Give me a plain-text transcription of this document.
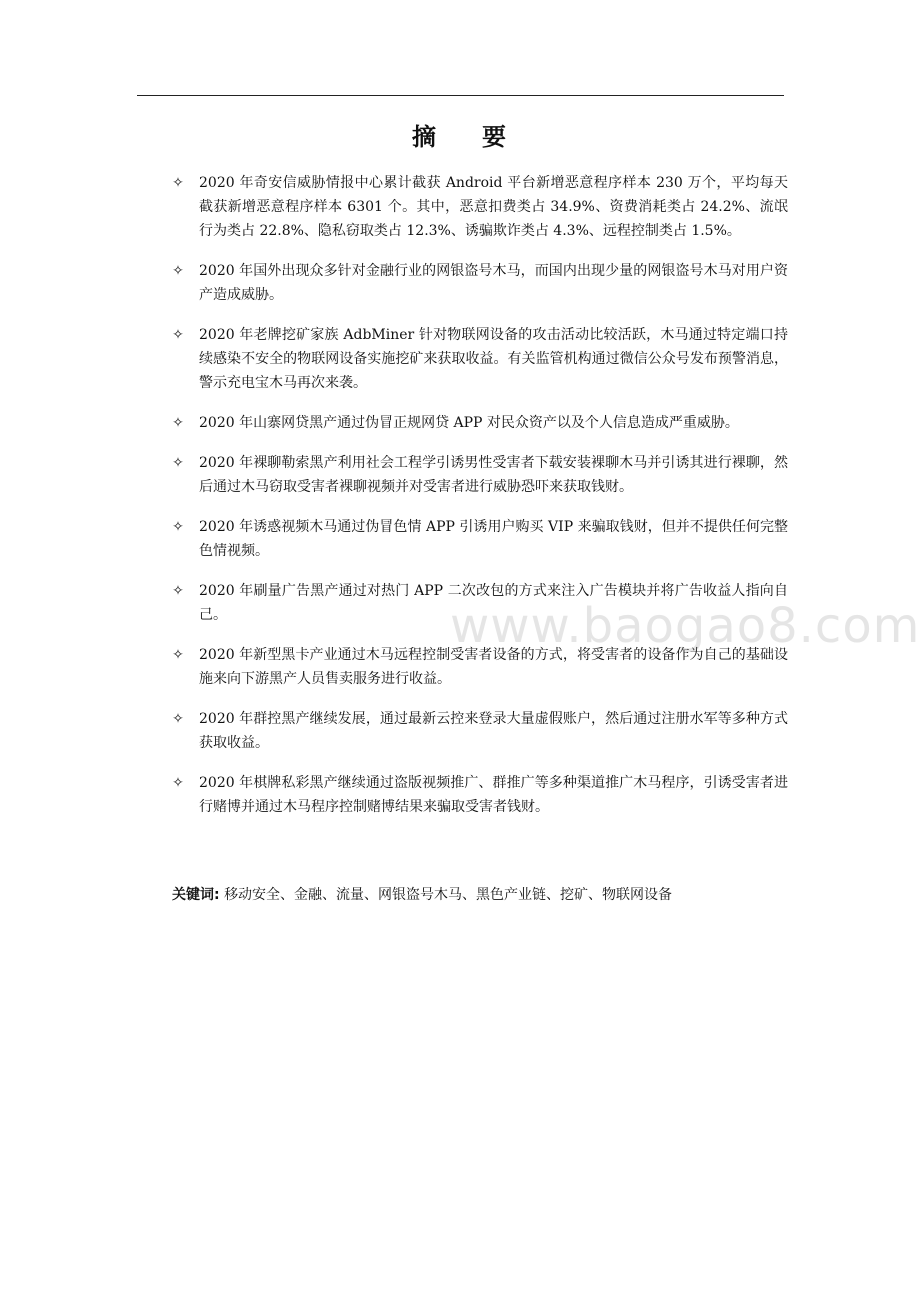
摘 要
✧ 2020 年奇安信威胁情报中心累计截获 Android 平台新增恶意程序样本 230 万个，平均每天截获新增恶意程序样本 6301 个。其中，恶意扣费类占 34.9%、资费消耗类占 24.2%、流氓行为类占 22.8%、隐私窃取类占 12.3%、诱骗欺诈类占 4.3%、远程控制类占 1.5%。
✧ 2020 年国外出现众多针对金融行业的网银盗号木马，而国内出现少量的网银盗号木马对用户资产造成威胁。
✧ 2020 年老牌挖矿家族 AdbMiner 针对物联网设备的攻击活动比较活跃，木马通过特定端口持续感染不安全的物联网设备实施挖矿来获取收益。有关监管机构通过微信公众号发布预警消息，警示充电宝木马再次来袭。
✧ 2020 年山寨网贷黑产通过伪冒正规网贷 APP 对民众资产以及个人信息造成严重威胁。
✧ 2020 年裸聊勒索黑产利用社会工程学引诱男性受害者下载安装裸聊木马并引诱其进行裸聊，然后通过木马窃取受害者裸聊视频并对受害者进行威胁恐吓来获取钱财。
✧ 2020 年诱惑视频木马通过伪冒色情 APP 引诱用户购买 VIP 来骗取钱财，但并不提供任何完整色情视频。
✧ 2020 年刷量广告黑产通过对热门 APP 二次改包的方式来注入广告模块并将广告收益人指向自己。
✧ 2020 年新型黑卡产业通过木马远程控制受害者设备的方式，将受害者的设备作为自己的基础设施来向下游黑产人员售卖服务进行收益。
✧ 2020 年群控黑产继续发展，通过最新云控来登录大量虚假账户，然后通过注册水军等多种方式获取收益。
✧ 2020 年棋牌私彩黑产继续通过盗版视频推广、群推广等多种渠道推广木马程序，引诱受害者进行赌博并通过木马程序控制赌博结果来骗取受害者钱财。
关键词: 移动安全、金融、流量、网银盗号木马、黑色产业链、挖矿、物联网设备
www.baogao8.com
